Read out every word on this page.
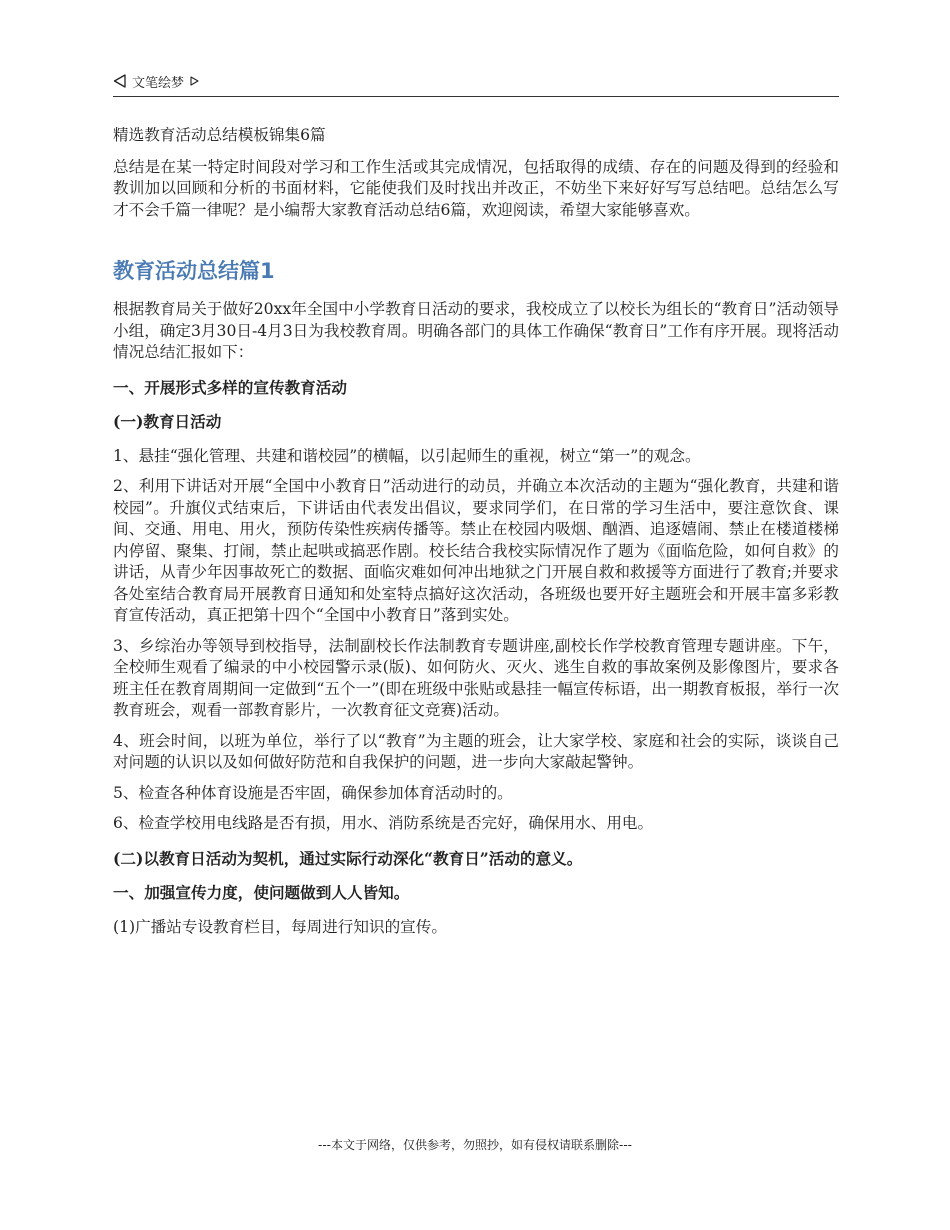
文笔绘梦

精选教育活动总结模板锦集6篇

总结是在某一特定时间段对学习和工作生活或其完成情况，包括取得的成绩、存在的问题及得到的经验和教训加以回顾和分析的书面材料，它能使我们及时找出并改正，不妨坐下来好好写写总结吧。总结怎么写才不会千篇一律呢？是小编帮大家教育活动总结6篇，欢迎阅读，希望大家能够喜欢。

教育活动总结篇1

根据教育局关于做好20xx年全国中小学教育日活动的要求，我校成立了以校长为组长的“教育日”活动领导小组，确定3月30日-4月3日为我校教育周。明确各部门的具体工作确保“教育日”工作有序开展。现将活动情况总结汇报如下：

一、开展形式多样的宣传教育活动

(一)教育日活动

1、悬挂“强化管理、共建和谐校园”的横幅，以引起师生的重视，树立“第一”的观念。

2、利用下讲话对开展“全国中小教育日”活动进行的动员，并确立本次活动的主题为“强化教育，共建和谐校园”。升旗仪式结束后，下讲话由代表发出倡议，要求同学们，在日常的学习生活中，要注意饮食、课间、交通、用电、用火，预防传染性疾病传播等。禁止在校园内吸烟、酗酒、追逐嬉闹、禁止在楼道楼梯内停留、聚集、打闹，禁止起哄或搞恶作剧。校长结合我校实际情况作了题为《面临危险，如何自救》的讲话，从青少年因事故死亡的数据、面临灾难如何冲出地狱之门开展自救和救援等方面进行了教育;并要求各处室结合教育局开展教育日通知和处室特点搞好这次活动，各班级也要开好主题班会和开展丰富多彩教育宣传活动，真正把第十四个“全国中小教育日”落到实处。

3、乡综治办等领导到校指导，法制副校长作法制教育专题讲座,副校长作学校教育管理专题讲座。下午，全校师生观看了编录的中小校园警示录(版)、如何防火、灭火、逃生自救的事故案例及影像图片，要求各班主任在教育周期间一定做到“五个一”(即在班级中张贴或悬挂一幅宣传标语，出一期教育板报，举行一次教育班会，观看一部教育影片，一次教育征文竞赛)活动。

4、班会时间，以班为单位，举行了以“教育”为主题的班会，让大家学校、家庭和社会的实际，谈谈自己对问题的认识以及如何做好防范和自我保护的问题，进一步向大家敲起警钟。

5、检查各种体育设施是否牢固，确保参加体育活动时的。

6、检查学校用电线路是否有损，用水、消防系统是否完好，确保用水、用电。

(二)以教育日活动为契机，通过实际行动深化“教育日”活动的意义。

一、加强宣传力度，使问题做到人人皆知。

(1)广播站专设教育栏目，每周进行知识的宣传。

---本文于网络，仅供参考，勿照抄，如有侵权请联系删除---
